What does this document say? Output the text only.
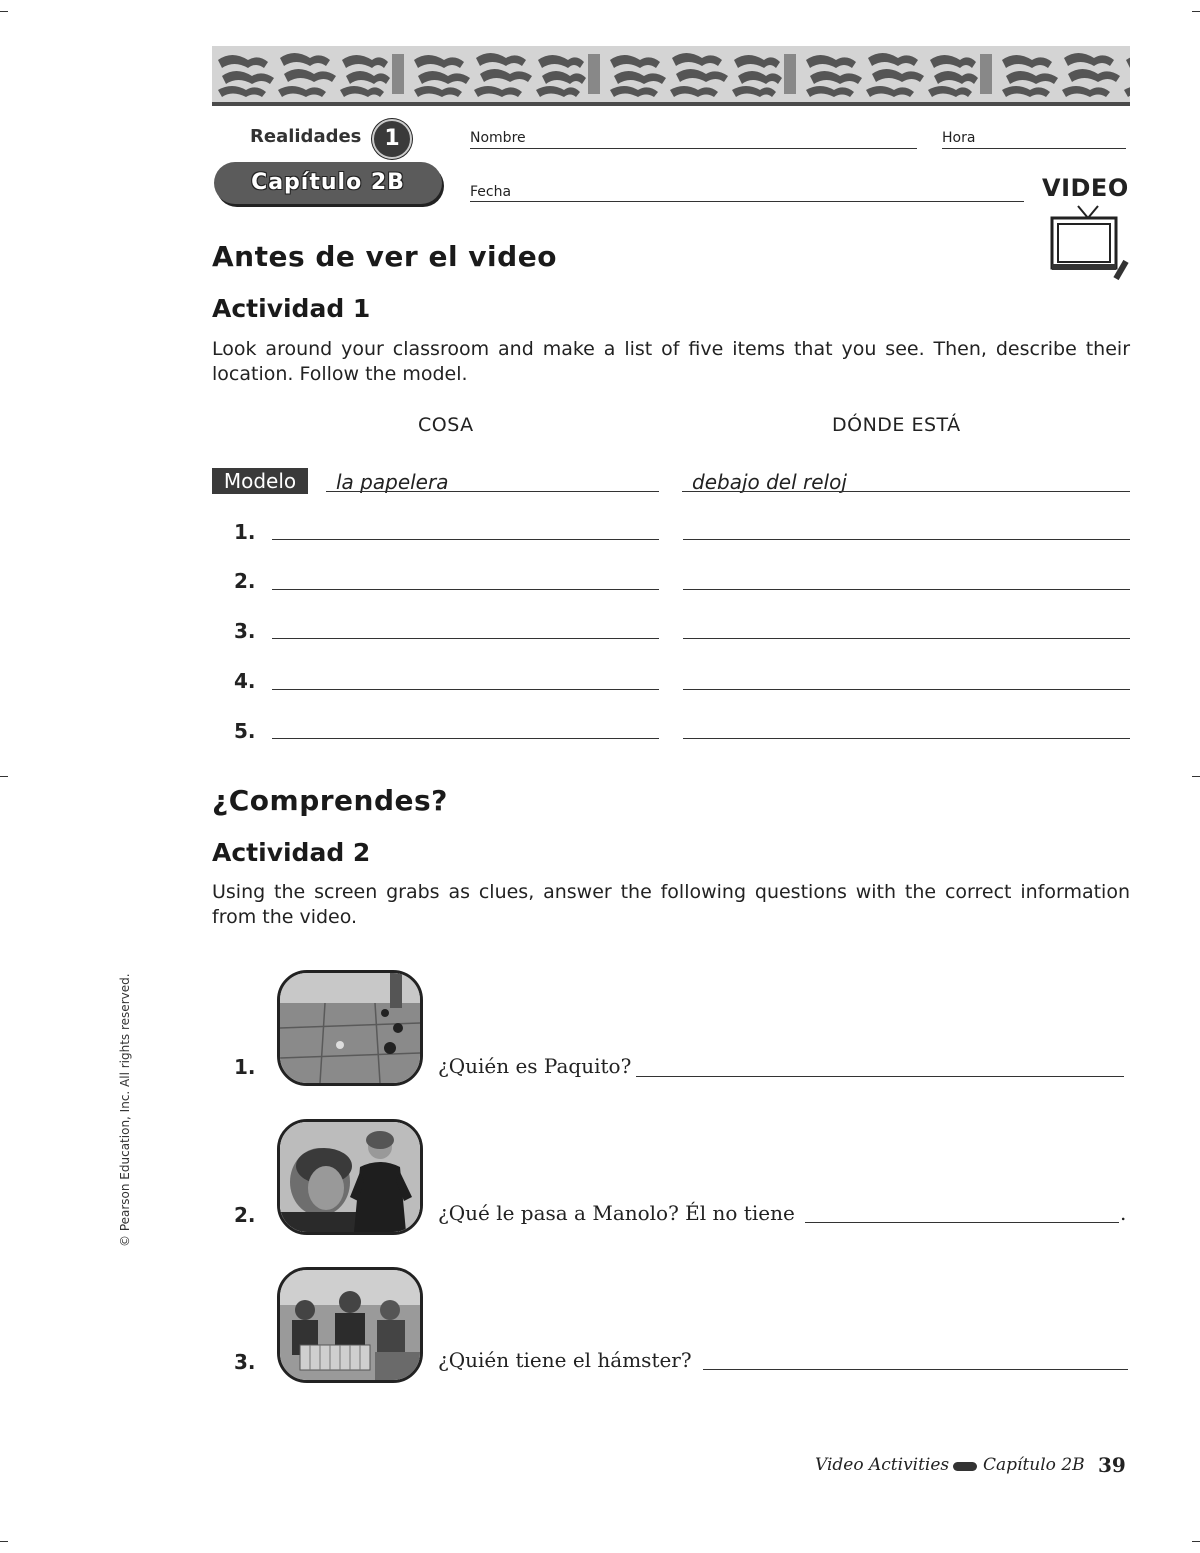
Realidades	1
Capítulo 2B
Nombre	Hora
Fecha	VIDEO
Antes de ver el video
Actividad 1
Look around your classroom and make a list of five items that you see. Then, describe their location. Follow the model.
COSA	DÓNDE ESTÁ
Modelo	la papelera	debajo del reloj
1.
2.
3.
4.
5.
¿Comprendes?
Actividad 2
Using the screen grabs as clues, answer the following questions with the correct information from the video.
1.	¿Quién es Paquito?
2.	¿Qué le pasa a Manolo? Él no tiene	.
3.	¿Quién tiene el hámster?
© Pearson Education, Inc. All rights reserved.
Video Activities Capítulo 2B 39
